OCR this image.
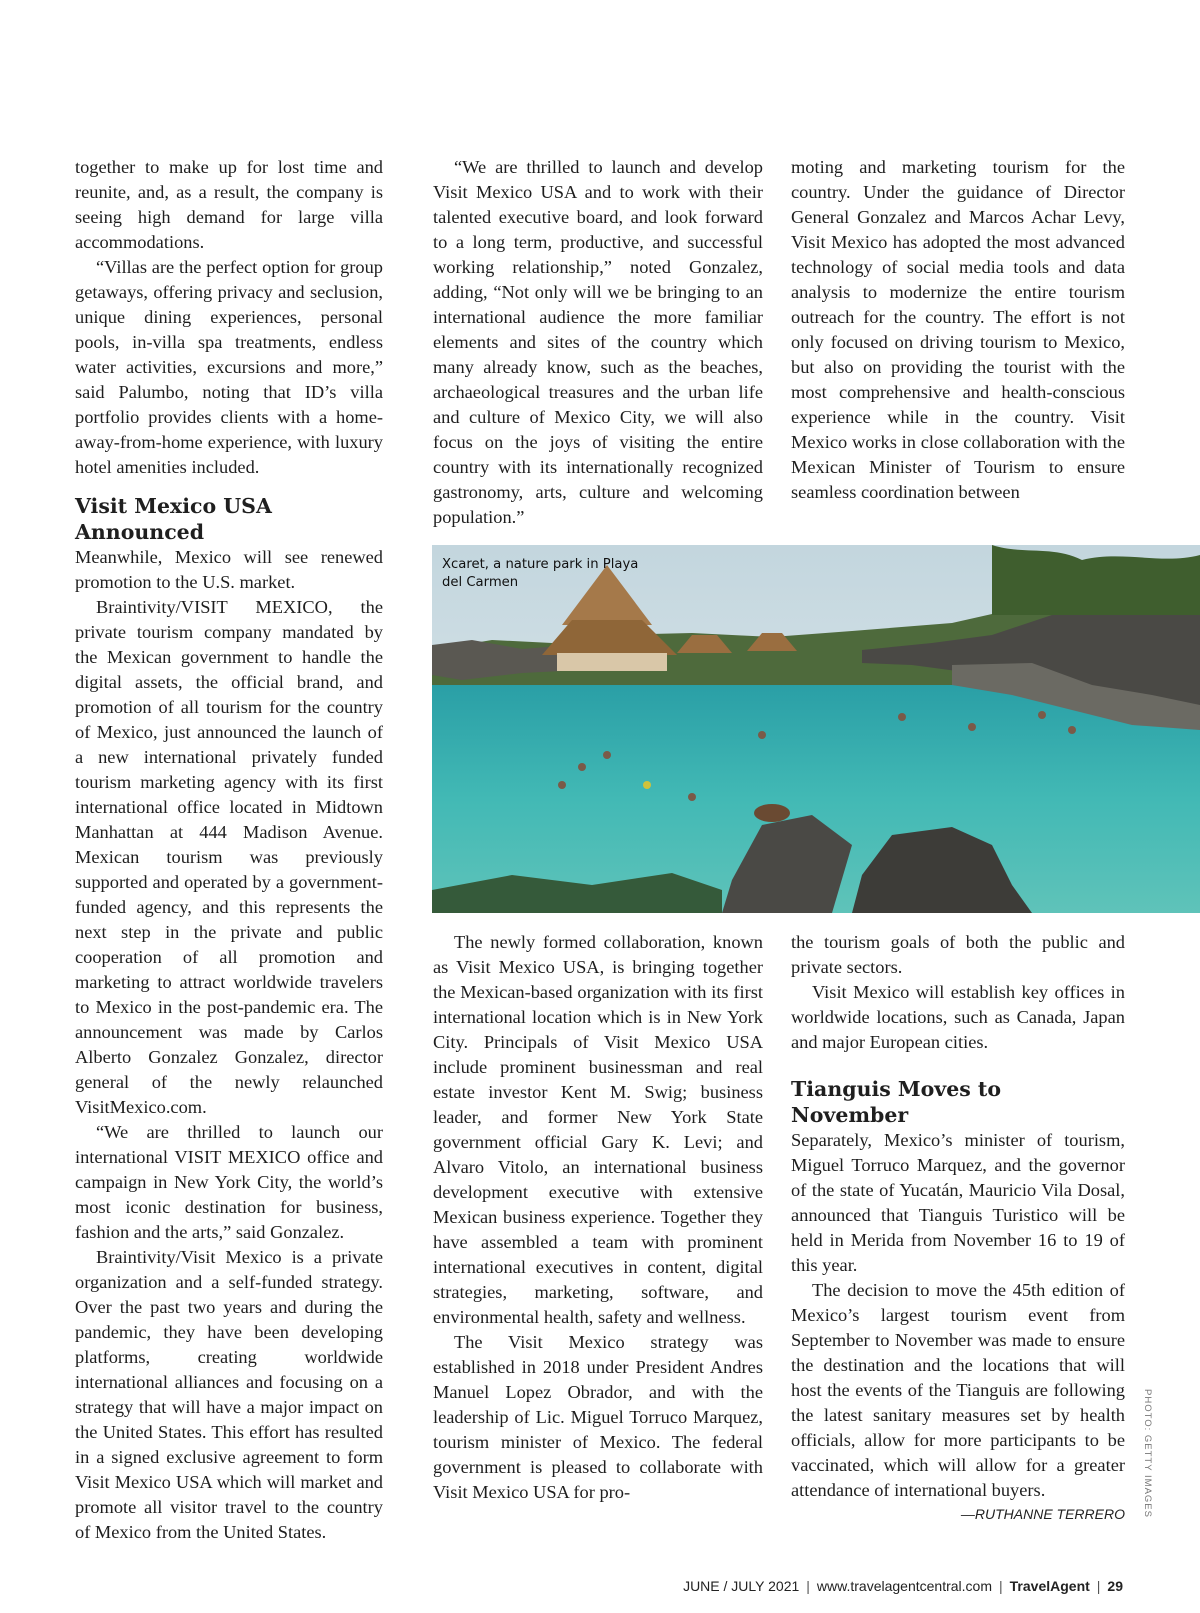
together to make up for lost time and reunite, and, as a result, the company is seeing high demand for large villa accommodations.

“Villas are the perfect option for group getaways, offering privacy and seclusion, unique dining experiences, personal pools, in-villa spa treatments, endless water activities, excursions and more,” said Palumbo, noting that ID’s villa portfolio provides clients with a home-away-from-home experience, with luxury hotel amenities included.

Visit Mexico USA Announced

Meanwhile, Mexico will see renewed promotion to the U.S. market.

Braintivity/VISIT MEXICO, the private tourism company mandated by the Mexican government to handle the digital assets, the official brand, and promotion of all tourism for the country of Mexico, just announced the launch of a new international privately funded tourism marketing agency with its first international office located in Midtown Manhattan at 444 Madison Avenue. Mexican tourism was previously supported and operated by a government-funded agency, and this represents the next step in the private and public cooperation of all promotion and marketing to attract worldwide travelers to Mexico in the post-pandemic era. The announcement was made by Carlos Alberto Gonzalez Gonzalez, director general of the newly relaunched VisitMexico.com.

“We are thrilled to launch our international VISIT MEXICO office and campaign in New York City, the world’s most iconic destination for business, fashion and the arts,” said Gonzalez.

Braintivity/Visit Mexico is a private organization and a self-funded strategy. Over the past two years and during the pandemic, they have been developing platforms, creating worldwide international alliances and focusing on a strategy that will have a major impact on the United States. This effort has resulted in a signed exclusive agreement to form Visit Mexico USA which will market and promote all visitor travel to the country of Mexico from the United States.

“We are thrilled to launch and develop Visit Mexico USA and to work with their talented executive board, and look forward to a long term, productive, and successful working relationship,” noted Gonzalez, adding, “Not only will we be bringing to an international audience the more familiar elements and sites of the country which many already know, such as the beaches, archaeological treasures and the urban life and culture of Mexico City, we will also focus on the joys of visiting the entire country with its internationally recognized gastronomy, arts, culture and welcoming population.”

moting and marketing tourism for the country. Under the guidance of Director General Gonzalez and Marcos Achar Levy, Visit Mexico has adopted the most advanced technology of social media tools and data analysis to modernize the entire tourism outreach for the country. The effort is not only focused on driving tourism to Mexico, but also on providing the tourist with the most comprehensive and health-conscious experience while in the country. Visit Mexico works in close collaboration with the Mexican Minister of Tourism to ensure seamless coordination between

Xcaret, a nature park in Playa del Carmen

The newly formed collaboration, known as Visit Mexico USA, is bringing together the Mexican-based organization with its first international location which is in New York City. Principals of Visit Mexico USA include prominent businessman and real estate investor Kent M. Swig; business leader, and former New York State government official Gary K. Levi; and Alvaro Vitolo, an international business development executive with extensive Mexican business experience. Together they have assembled a team with prominent international executives in content, digital strategies, marketing, software, and environmental health, safety and wellness.

The Visit Mexico strategy was established in 2018 under President Andres Manuel Lopez Obrador, and with the leadership of Lic. Miguel Torruco Marquez, tourism minister of Mexico. The federal government is pleased to collaborate with Visit Mexico USA for pro-

the tourism goals of both the public and private sectors.

Visit Mexico will establish key offices in worldwide locations, such as Canada, Japan and major European cities.

Tianguis Moves to November

Separately, Mexico’s minister of tourism, Miguel Torruco Marquez, and the governor of the state of Yucatán, Mauricio Vila Dosal, announced that Tianguis Turistico will be held in Merida from November 16 to 19 of this year.

The decision to move the 45th edition of Mexico’s largest tourism event from September to November was made to ensure the destination and the locations that will host the events of the Tianguis are following the latest sanitary measures set by health officials, allow for more participants to be vaccinated, which will allow for a greater attendance of international buyers.

—RUTHANNE TERRERO PHOTO: GETTY IMAGES
JUNE / JULY 2021 | www.travelagentcentral.com | TravelAgent | 29
